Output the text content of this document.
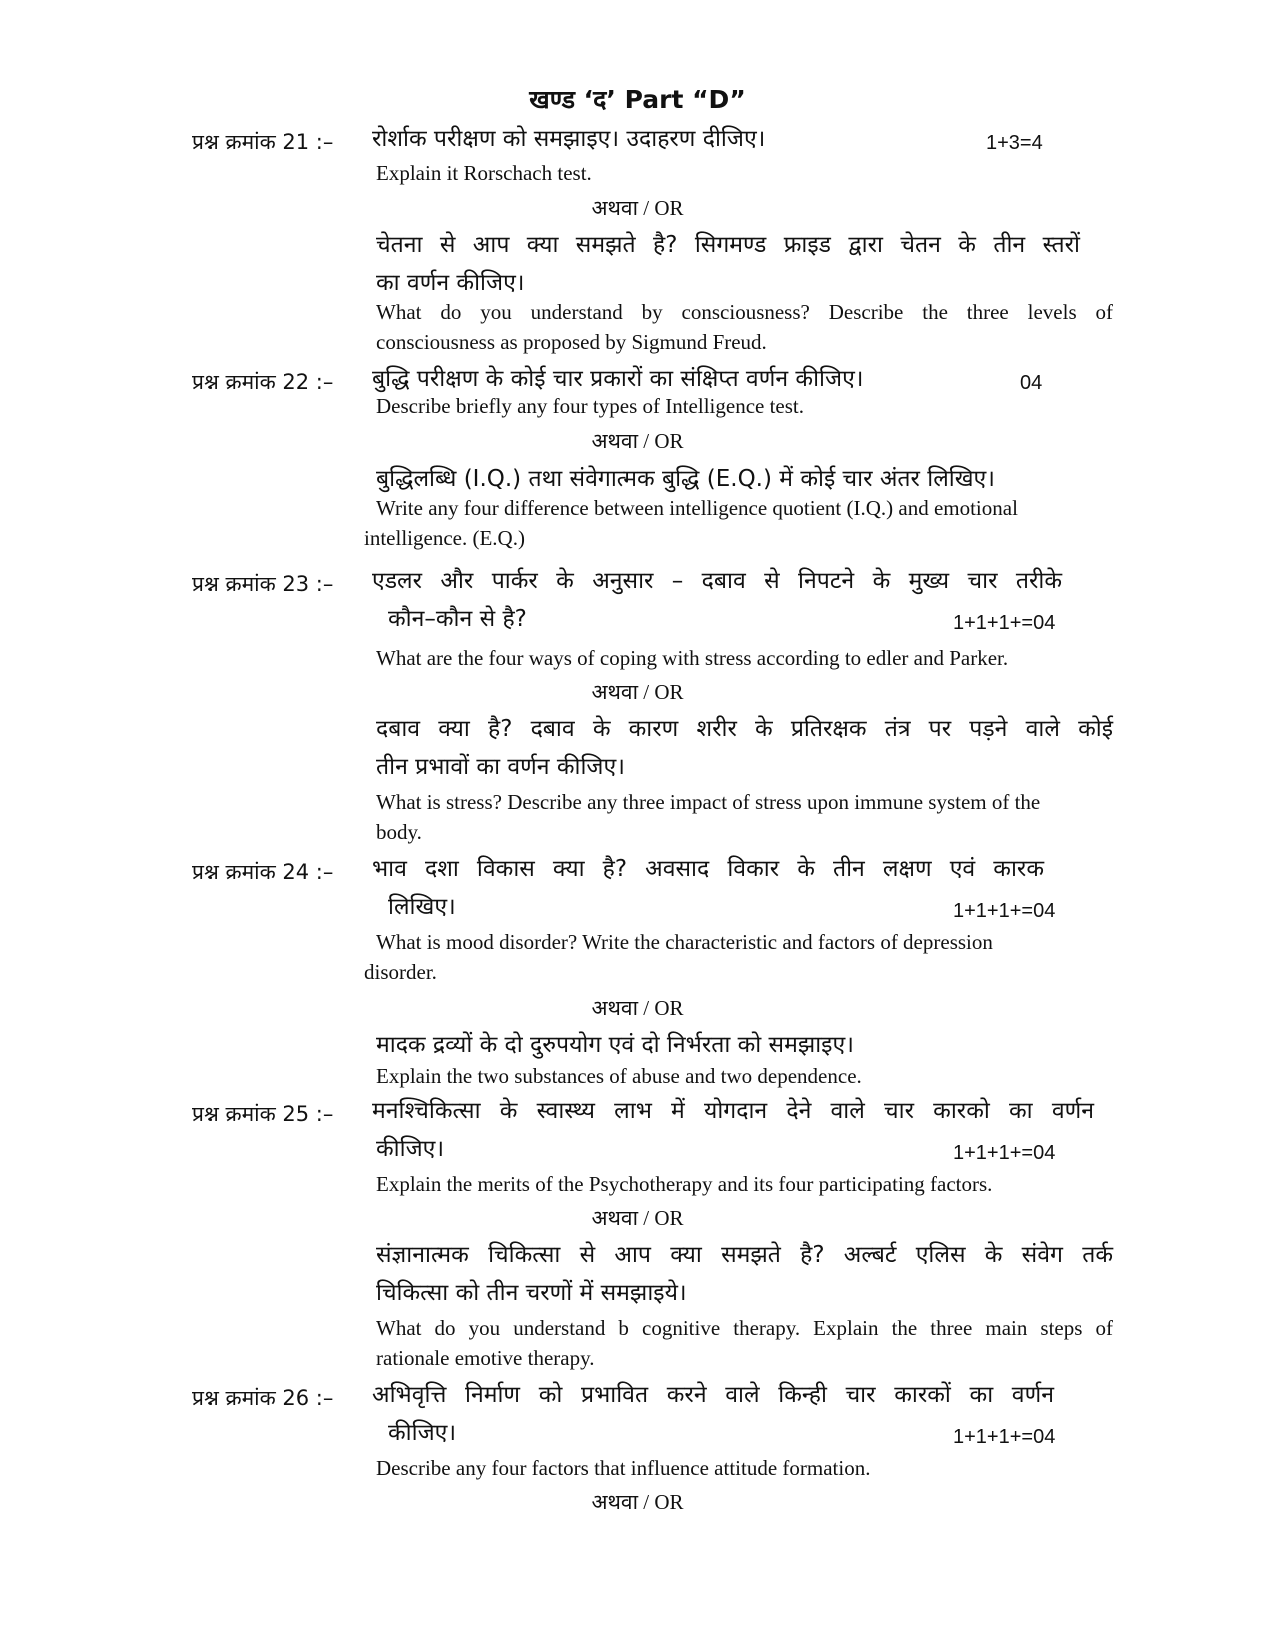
खण्ड ‘द’ Part “D”
प्रश्न क्रमांक 21 :– रोर्शाक परीक्षण को समझाइए। उदाहरण दीजिए।	1+3=4
Explain it Rorschach test.
अथवा / OR
चेतना से आप क्या समझते है? सिगमण्ड फ्राइड द्वारा चेतन के तीन स्तरों
का वर्णन कीजिए।
What do you understand by consciousness? Describe the three levels of
consciousness as proposed by Sigmund Freud.
प्रश्न क्रमांक 22 :– बुद्धि परीक्षण के कोई चार प्रकारों का संक्षिप्त वर्णन कीजिए।	04
Describe briefly any four types of Intelligence test.
अथवा / OR
बुद्धिलब्धि (I.Q.) तथा संवेगात्मक बुद्धि (E.Q.) में कोई चार अंतर लिखिए।
Write any four difference between intelligence quotient (I.Q.) and emotional
intelligence. (E.Q.)
प्रश्न क्रमांक 23 :– एडलर और पार्कर के अनुसार – दबाव से निपटने के मुख्य चार तरीके
कौन–कौन से है?	1+1+1+=04
What are the four ways of coping with stress according to edler and Parker.
अथवा / OR
दबाव क्या है? दबाव के कारण शरीर के प्रतिरक्षक तंत्र पर पड़ने वाले कोई
तीन प्रभावों का वर्णन कीजिए।
What is stress? Describe any three impact of stress upon immune system of the
body.
प्रश्न क्रमांक 24 :– भाव दशा विकास क्या है? अवसाद विकार के तीन लक्षण एवं कारक
लिखिए।	1+1+1+=04
What is mood disorder? Write the characteristic and factors of depression
disorder.
अथवा / OR
मादक द्रव्यों के दो दुरुपयोग एवं दो निर्भरता को समझाइए।
Explain the two substances of abuse and two dependence.
प्रश्न क्रमांक 25 :– मनश्चिकित्सा के स्वास्थ्य लाभ में योगदान देने वाले चार कारको का वर्णन
कीजिए।	1+1+1+=04
Explain the merits of the Psychotherapy and its four participating factors.
अथवा / OR
संज्ञानात्मक चिकित्सा से आप क्या समझते है? अल्बर्ट एलिस के संवेग तर्क
चिकित्सा को तीन चरणों में समझाइये।
What do you understand b cognitive therapy. Explain the three main steps of
rationale emotive therapy.
प्रश्न क्रमांक 26 :– अभिवृत्ति निर्माण को प्रभावित करने वाले किन्ही चार कारकों का वर्णन
कीजिए।	1+1+1+=04
Describe any four factors that influence attitude formation.
अथवा / OR
